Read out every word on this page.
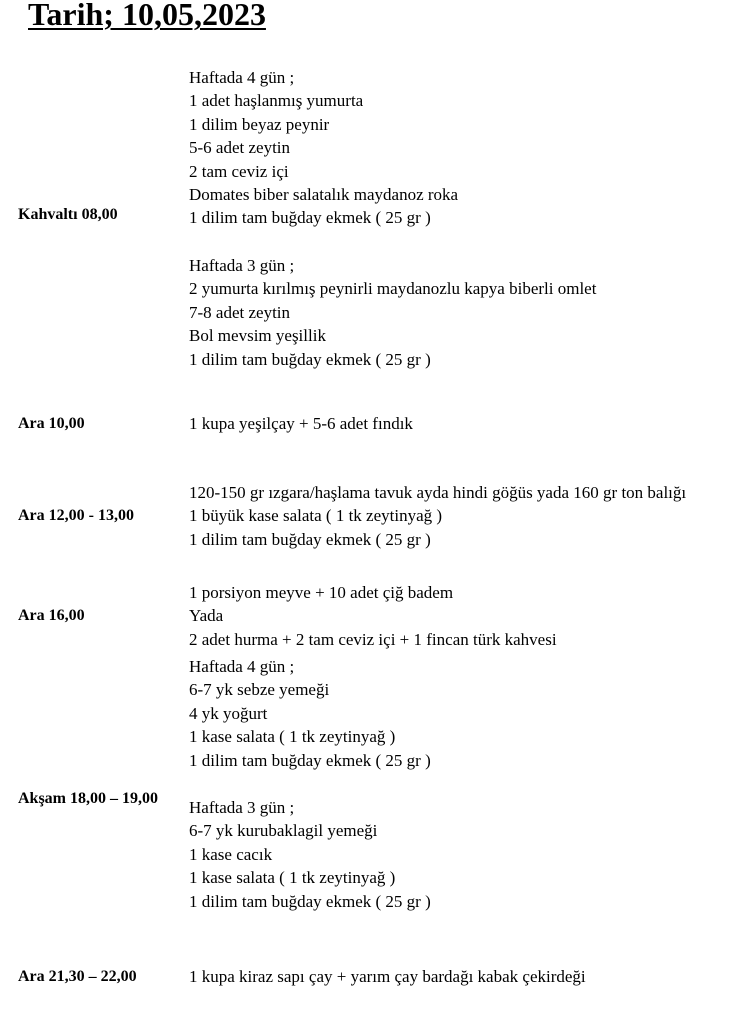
Tarih; 10,05,2023
Kahvaltı 08,00
Haftada 4 gün ;
1 adet haşlanmış yumurta
1 dilim beyaz peynir
5-6 adet zeytin
2 tam ceviz içi
Domates biber salatalık maydanoz roka
1 dilim tam buğday ekmek ( 25 gr )
Haftada 3 gün ;
2 yumurta kırılmış peynirli maydanozlu kapya biberli omlet
7-8 adet zeytin
Bol mevsim yeşillik
1 dilim tam buğday ekmek ( 25 gr )
Ara 10,00	1 kupa yeşilçay + 5-6 adet fındık
Ara 12,00 - 13,00
120-150 gr ızgara/haşlama tavuk ayda hindi göğüs yada 160 gr ton balığı
1 büyük kase salata ( 1 tk zeytinyağ )
1 dilim tam buğday ekmek ( 25 gr )
Ara 16,00
1 porsiyon meyve + 10 adet çiğ badem
Yada
2 adet hurma + 2 tam ceviz içi + 1 fincan türk kahvesi
Akşam 18,00 – 19,00
Haftada 4 gün ;
6-7 yk sebze yemeği
4 yk yoğurt
1 kase salata ( 1 tk zeytinyağ )
1 dilim tam buğday ekmek ( 25 gr )
Haftada 3 gün ;
6-7 yk kurubaklagil yemeği
1 kase cacık
1 kase salata ( 1 tk zeytinyağ )
1 dilim tam buğday ekmek ( 25 gr )
Ara 21,30 – 22,00	1 kupa kiraz sapı çay + yarım çay bardağı kabak çekirdeği
